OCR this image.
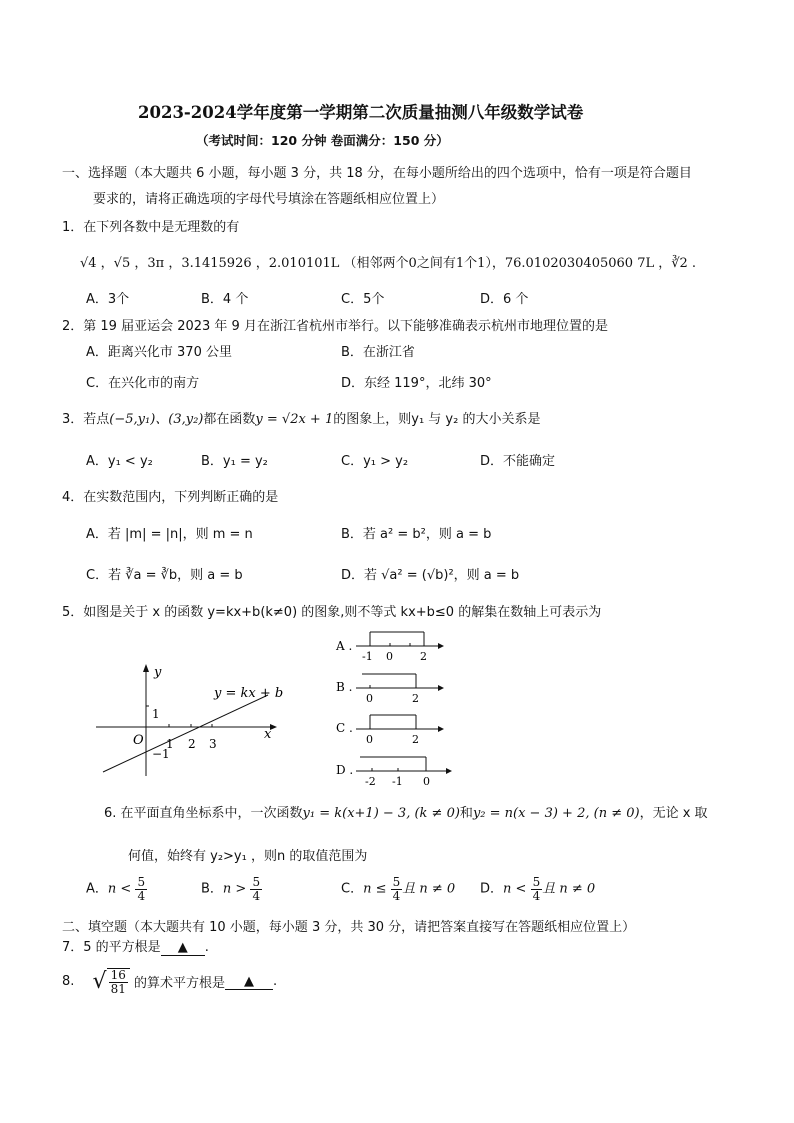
2023-2024学年度第一学期第二次质量抽测八年级数学试卷
（考试时间：120 分钟 卷面满分：150 分）
一、选择题（本大题共 6 小题，每小题 3 分，共 18 分，在每小题所给出的四个选项中，恰有一项是符合题目
要求的，请将正确选项的字母代号填涂在答题纸相应位置上）
1．在下列各数中是无理数的有
√4 ，√5 ，3π ，3.1415926 ，2.010101L （相邻两个0之间有1个1），76.0102030405060 7L ，∛2 .
A．3个	B．4 个	C．5个	D．6 个
2．第 19 届亚运会 2023 年 9 月在浙江省杭州市举行。以下能够准确表示杭州市地理位置的是
A．距离兴化市 370 公里	B．在浙江省
C．在兴化市的南方	D．东经 119°，北纬 30°
3．若点(−5,y₁)、(3,y₂)都在函数y = √2x + 1的图象上，则y₁ 与 y₂ 的大小关系是
A．y₁ < y₂	B．y₁ = y₂	C．y₁ > y₂	D．不能确定
4．在实数范围内，下列判断正确的是
A．若 |m| = |n|，则 m = n	B．若 a² = b²，则 a = b
C．若 ∛a = ∛b，则 a = b	D．若 √a² = (√b)²，则 a = b
5．如图是关于 x 的函数 y=kx+b(k≠0) 的图象,则不等式 kx+b≤0 的解集在数轴上可表示为
y
x
O 1 2 3
1
−1
y = kx + b
A .
-1 0 2
B .
0	2
C .
0	2
D .
-2 -1 0
6. 在平面直角坐标系中，一次函数y₁ = k(x+1) − 3, (k ≠ 0)和y₂ = n(x − 3) + 2, (n ≠ 0)，无论 x 取
何值，始终有 y₂>y₁ ，则n 的取值范围为
A．$n < \frac{5}{4}$	B．$n > \frac{5}{4}$	C．$n \le \frac{5}{4}$ 且 n ≠ 0 D．$n < \frac{5}{4}$ 且 n ≠ 0
二、填空题（本大题共有 10 小题，每小题 3 分，共 30 分，请把答案直接写在答题纸相应位置上）
7．5 的平方根是 ▲ .
8. √ $\frac{16}{81}$ 的算术平方根是 ▲ .
